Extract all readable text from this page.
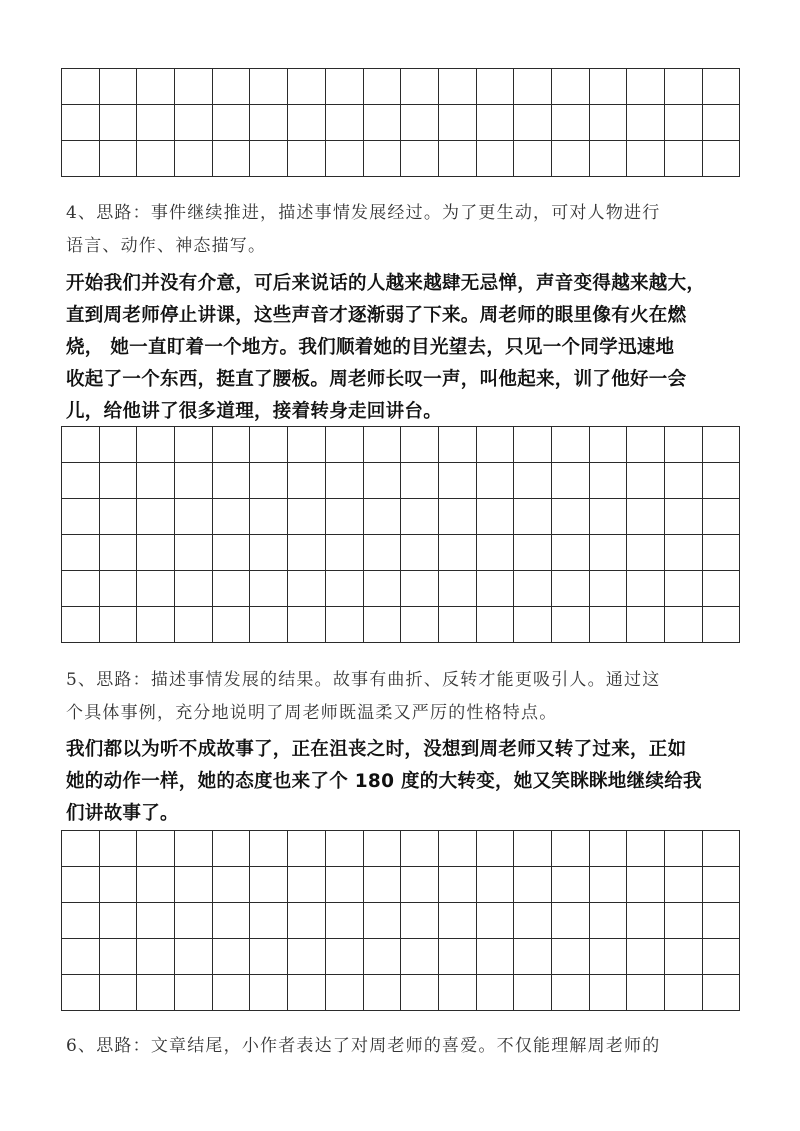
4、思路：事件继续推进，描述事情发展经过。为了更生动，可对人物进行
语言、动作、神态描写。
开始我们并没有介意，可后来说话的人越来越肆无忌惮，声音变得越来越大，
直到周老师停止讲课，这些声音才逐渐弱了下来。周老师的眼里像有火在燃
烧， 她一直盯着一个地方。我们顺着她的目光望去，只见一个同学迅速地
收起了一个东西，挺直了腰板。周老师长叹一声，叫他起来，训了他好一会
儿，给他讲了很多道理，接着转身走回讲台。

5、思路：描述事情发展的结果。故事有曲折、反转才能更吸引人。通过这
个具体事例，充分地说明了周老师既温柔又严厉的性格特点。
我们都以为听不成故事了，正在沮丧之时，没想到周老师又转了过来，正如
她的动作一样，她的态度也来了个 180 度的大转变，她又笑眯眯地继续给我
们讲故事了。

6、思路：文章结尾，小作者表达了对周老师的喜爱。不仅能理解周老师的
